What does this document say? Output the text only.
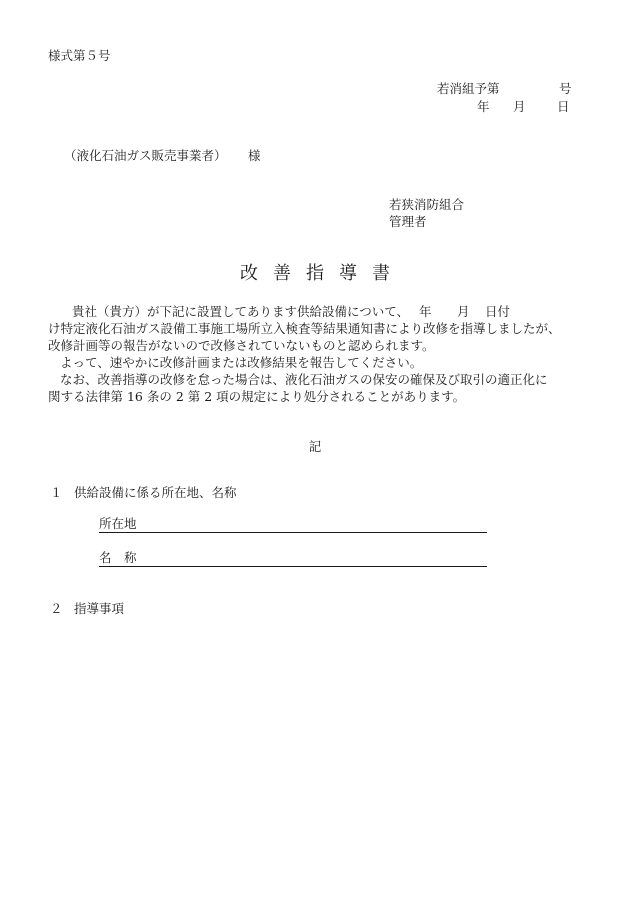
様式第５号
若消組予第	号
年 月	日
（液化石油ガス販売事業者） 様
若狭消防組合
管理者
改善指導書

貴社（貴方）が下記に設置してあります供給設備について、 年 月 日付

け特定液化石油ガス設備工事施工場所立入検査等結果通知書により改修を指導しましたが、

改修計画等の報告がないので改修されていないものと認められます。

よって、速やかに改修計画または改修結果を報告してください。

なお、改善指導の改修を怠った場合は、液化石油ガスの保安の確保及び取引の適正化に

関する法律第 16 条の 2 第 2 項の規定により処分されることがあります。

記
１ 供給設備に係る所在地、名称
所在地
名　称
２ 指導事項
